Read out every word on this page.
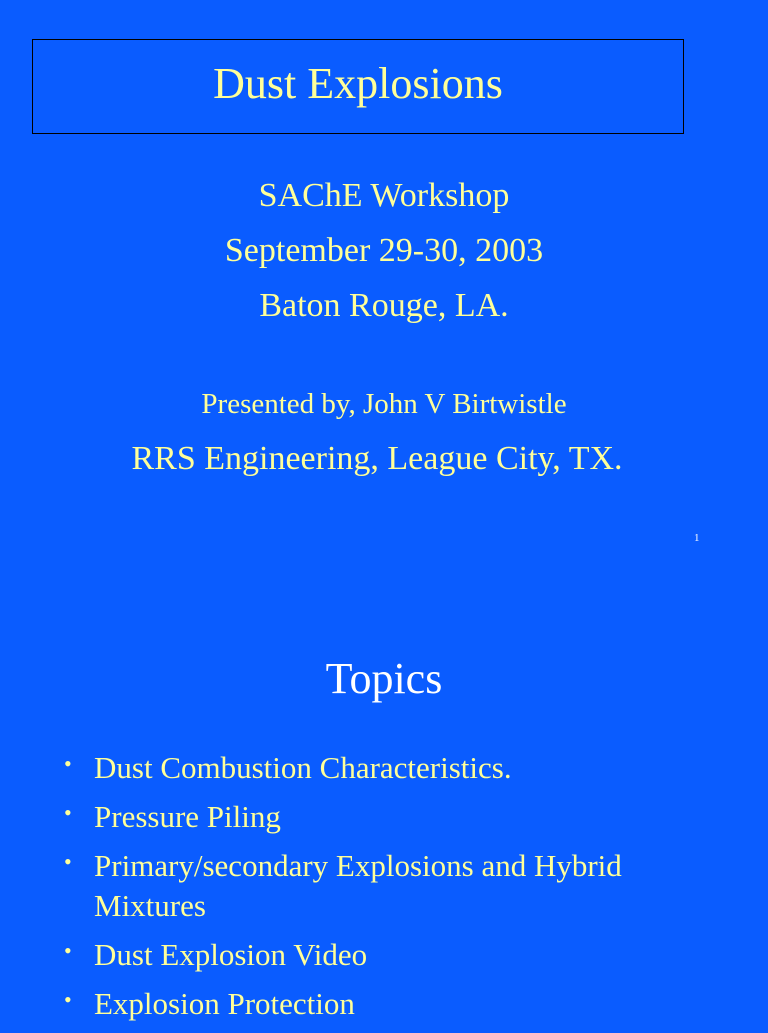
Dust Explosions
SAChE Workshop
September 29-30, 2003
Baton Rouge, LA.
Presented by, John V Birtwistle
RRS Engineering, League City, TX.
1
Topics
• Dust Combustion Characteristics.
• Pressure Piling
• Primary/secondary Explosions and Hybrid Mixtures
• Dust Explosion Video
• Explosion Protection
